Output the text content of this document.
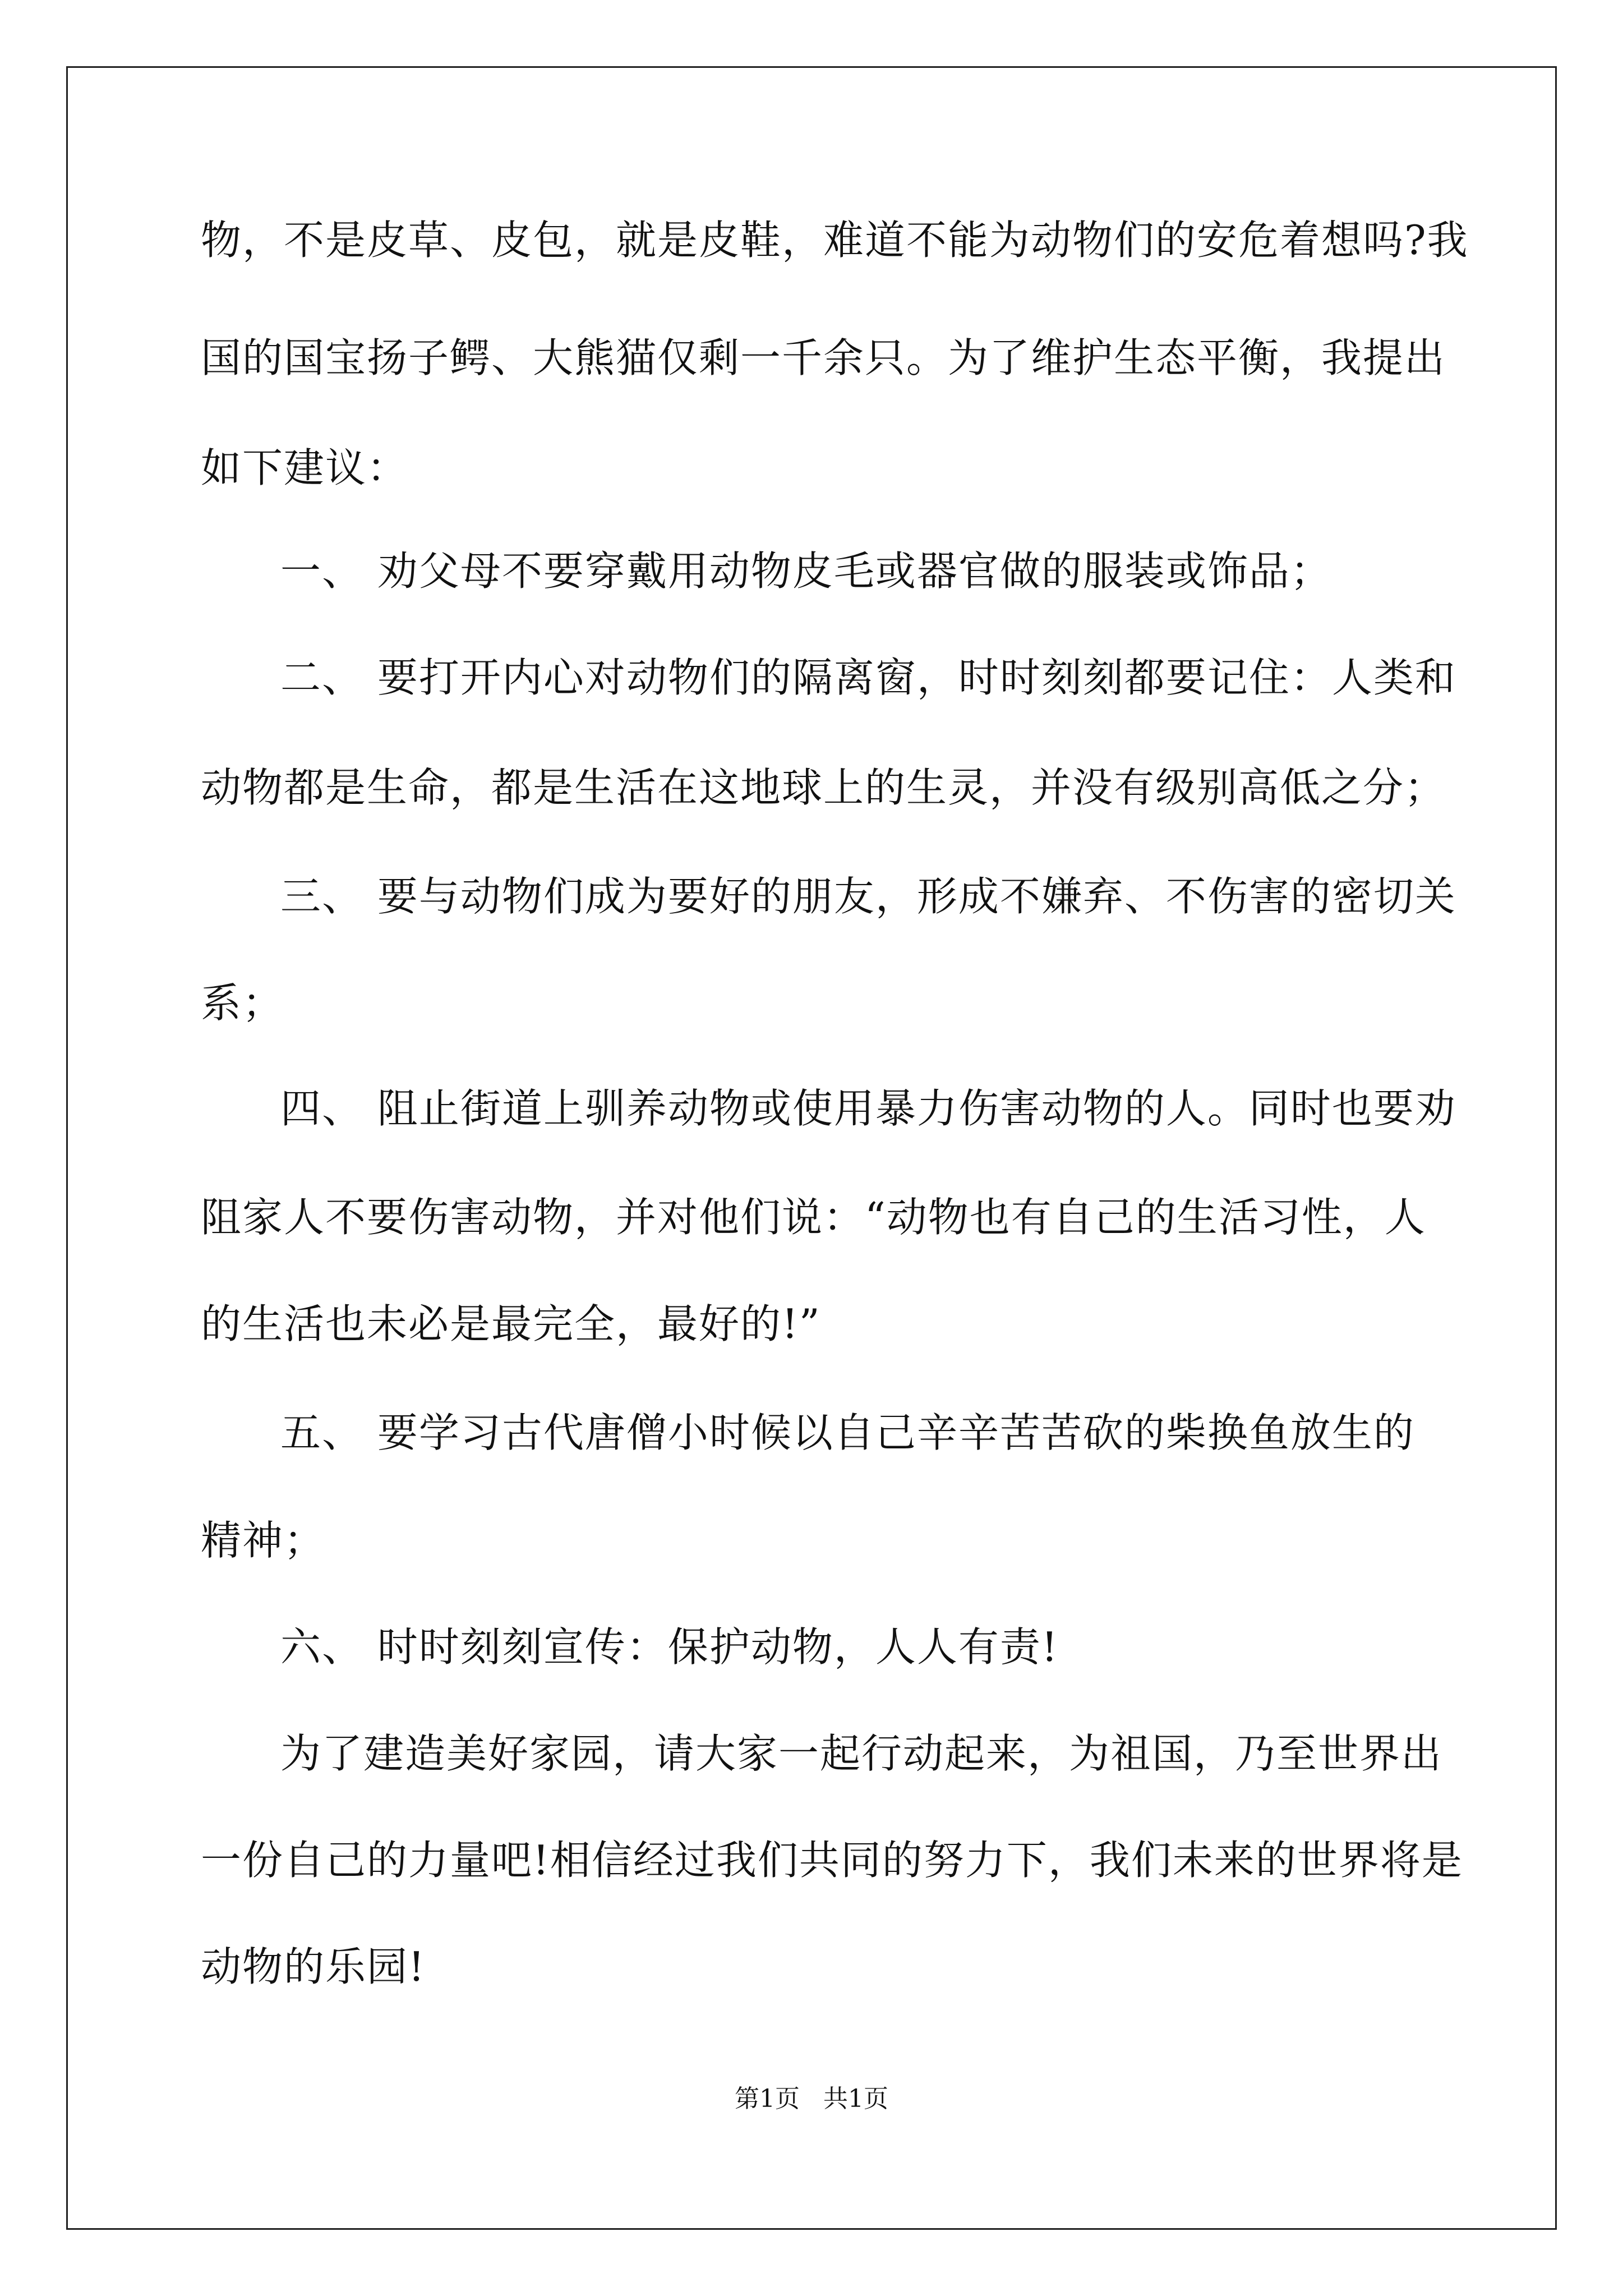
物，不是皮草、皮包，就是皮鞋，难道不能为动物们的安危着想吗?我
国的国宝扬子鳄、大熊猫仅剩一千余只。为了维护生态平衡，我提出
如下建议：
一、 劝父母不要穿戴用动物皮毛或器官做的服装或饰品；
二、 要打开内心对动物们的隔离窗，时时刻刻都要记住：人类和
动物都是生命，都是生活在这地球上的生灵，并没有级别高低之分；
三、 要与动物们成为要好的朋友，形成不嫌弃、不伤害的密切关
系；
四、 阻止街道上驯养动物或使用暴力伤害动物的人。同时也要劝
阻家人不要伤害动物，并对他们说：“动物也有自己的生活习性，人
的生活也未必是最完全，最好的!”
五、 要学习古代唐僧小时候以自己辛辛苦苦砍的柴换鱼放生的
精神；
六、 时时刻刻宣传：保护动物，人人有责!
为了建造美好家园，请大家一起行动起来，为祖国，乃至世界出
一份自己的力量吧!相信经过我们共同的努力下，我们未来的世界将是
动物的乐园!
第1页 共1页
